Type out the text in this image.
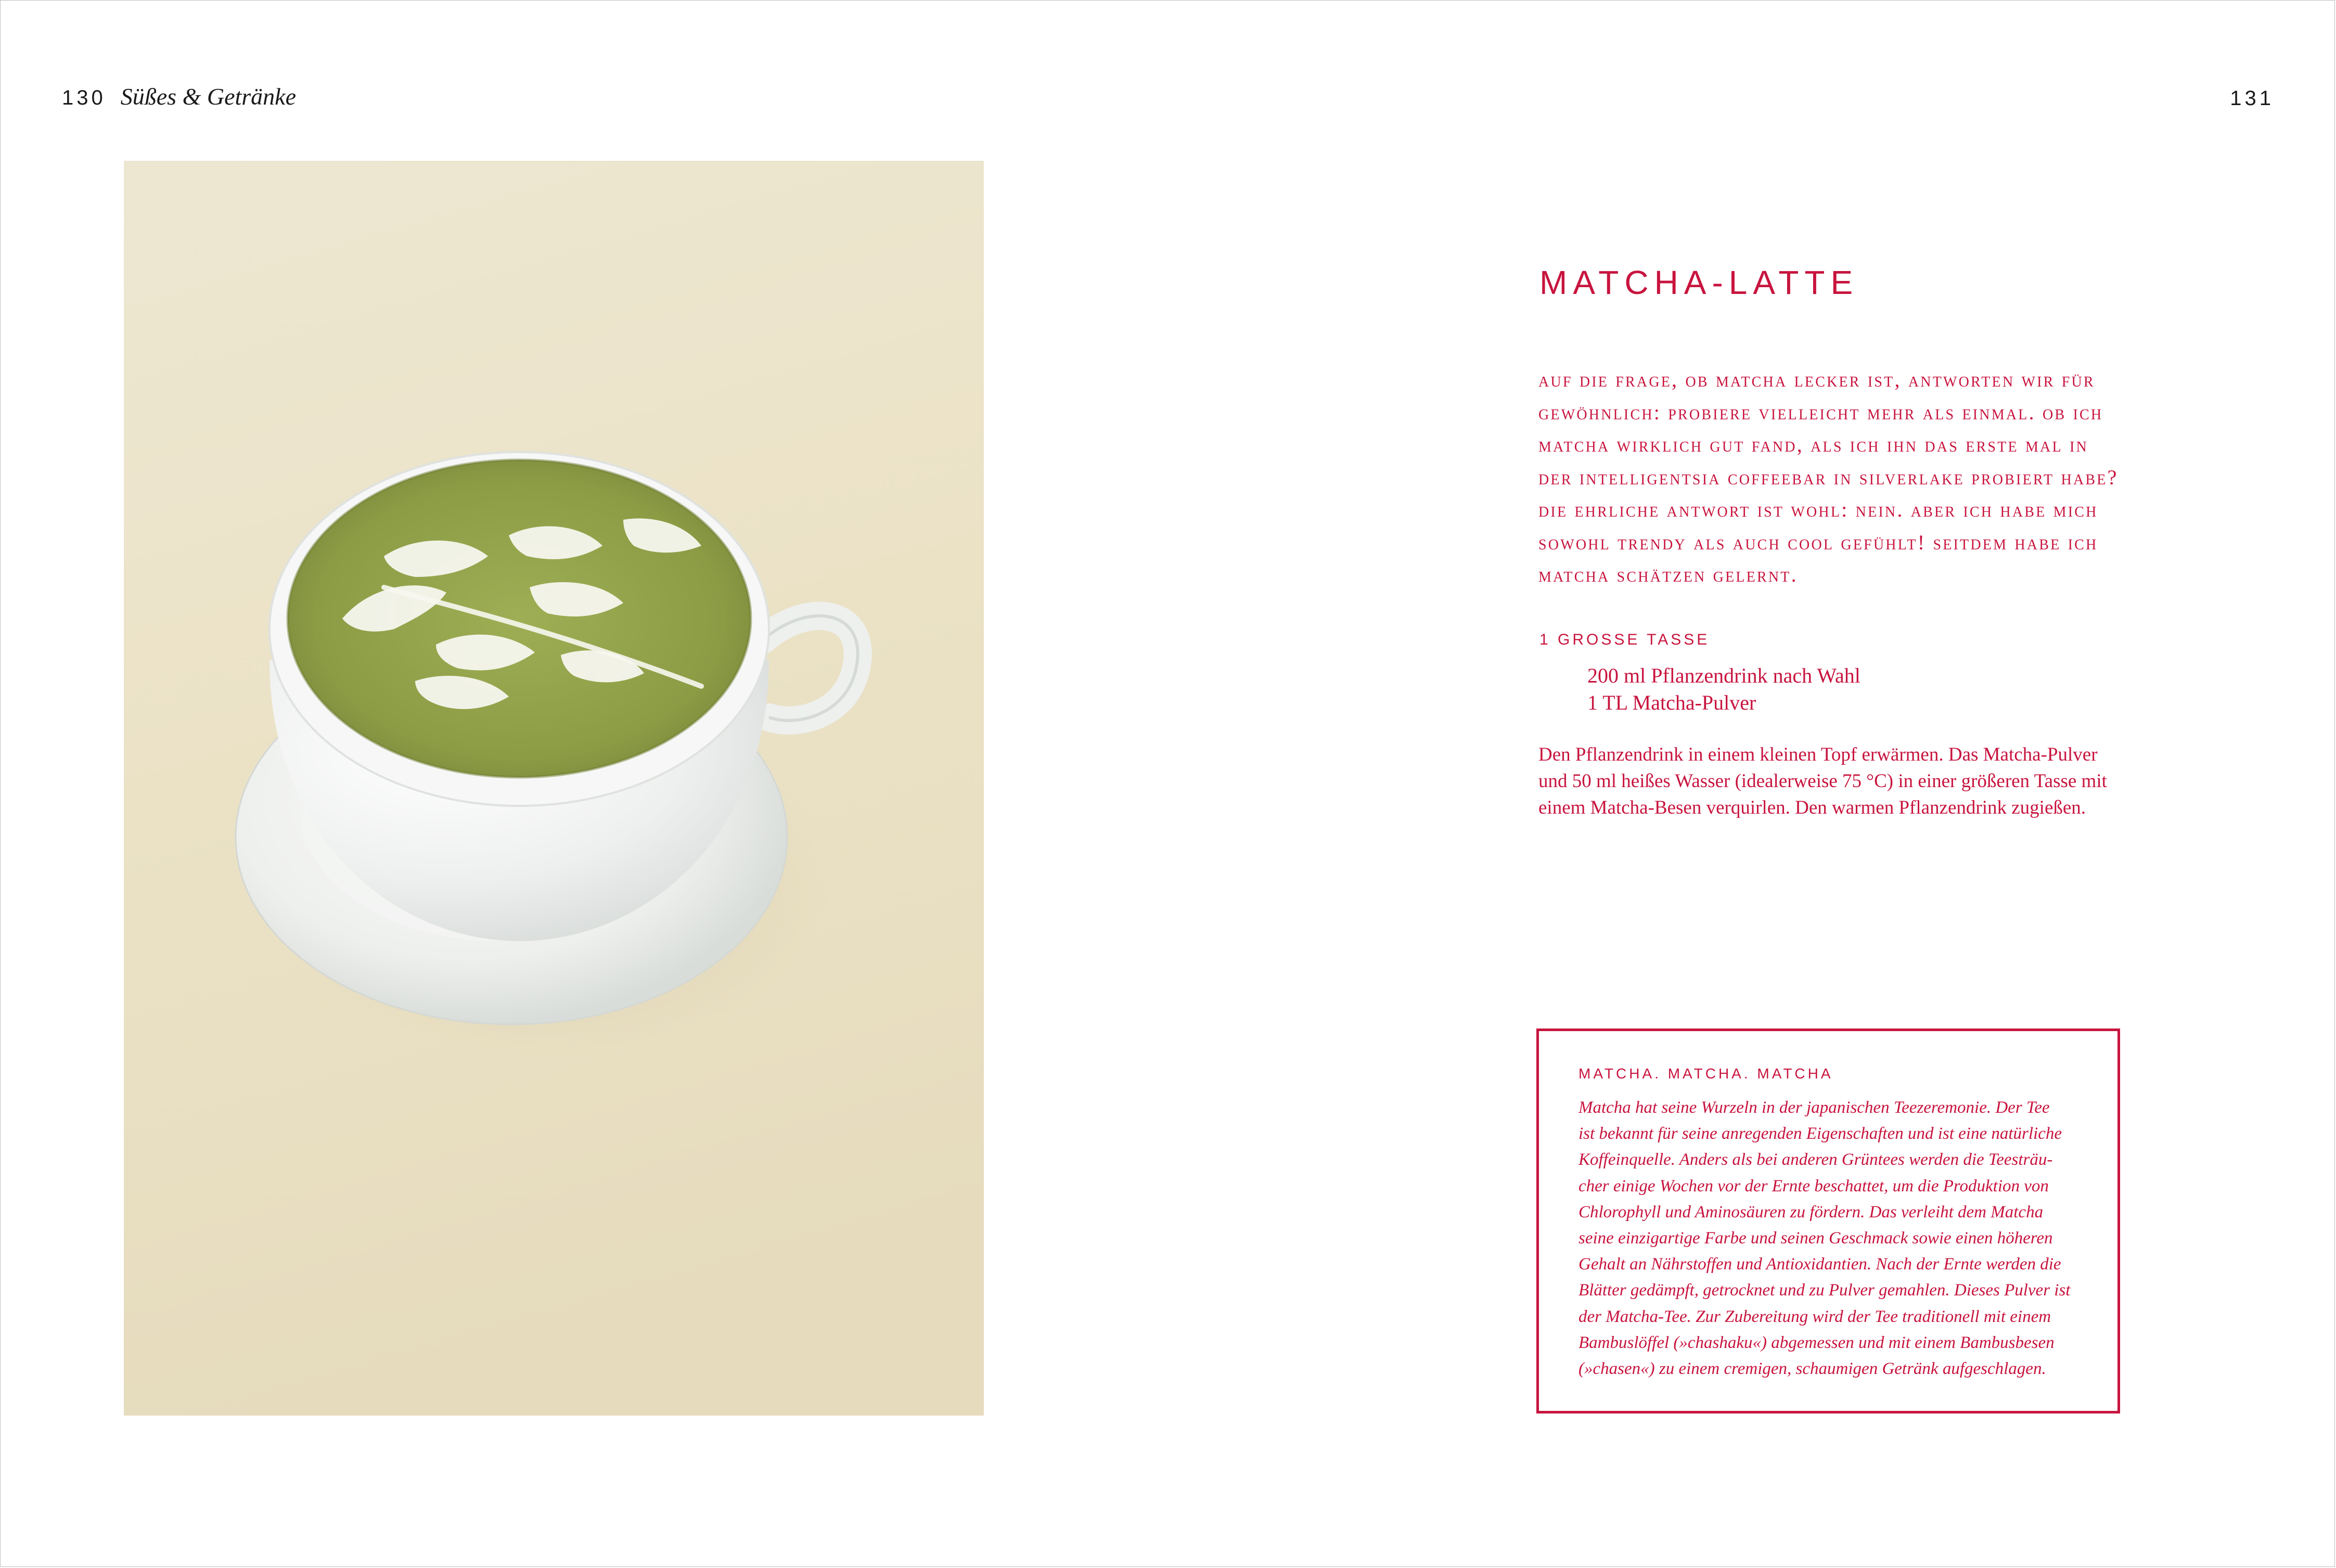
130 Süßes & Getränke	131
MATCHA-LATTE
auf die frage, ob matcha lecker ist, antworten wir für
gewöhnlich: probiere vielleicht mehr als einmal. ob ich
matcha wirklich gut fand, als ich ihn das erste mal in
der intelligentsia coffeebar in silverlake probiert habe?
die ehrliche antwort ist wohl: nein. aber ich habe mich
sowohl trendy als auch cool gefühlt! seitdem habe ich
matcha schätzen gelernt.
1 GROSSE TASSE
200 ml Pflanzendrink nach Wahl
1 TL Matcha-Pulver
Den Pflanzendrink in einem kleinen Topf erwärmen. Das Matcha-Pulver
und 50 ml heißes Wasser (idealerweise 75 °C) in einer größeren Tasse mit
einem Matcha-Besen verquirlen. Den warmen Pflanzendrink zugießen.
MATCHA. MATCHA. MATCHA
Matcha hat seine Wurzeln in der japanischen Teezeremonie. Der Tee
ist bekannt für seine anregenden Eigenschaften und ist eine natürliche
Koffeinquelle. Anders als bei anderen Grüntees werden die Teesträu-
cher einige Wochen vor der Ernte beschattet, um die Produktion von
Chlorophyll und Aminosäuren zu fördern. Das verleiht dem Matcha
seine einzigartige Farbe und seinen Geschmack sowie einen höheren
Gehalt an Nährstoffen und Antioxidantien. Nach der Ernte werden die
Blätter gedämpft, getrocknet und zu Pulver gemahlen. Dieses Pulver ist
der Matcha-Tee. Zur Zubereitung wird der Tee traditionell mit einem
Bambuslöffel (»chashaku«) abgemessen und mit einem Bambusbesen
(»chasen«) zu einem cremigen, schaumigen Getränk aufgeschlagen.
